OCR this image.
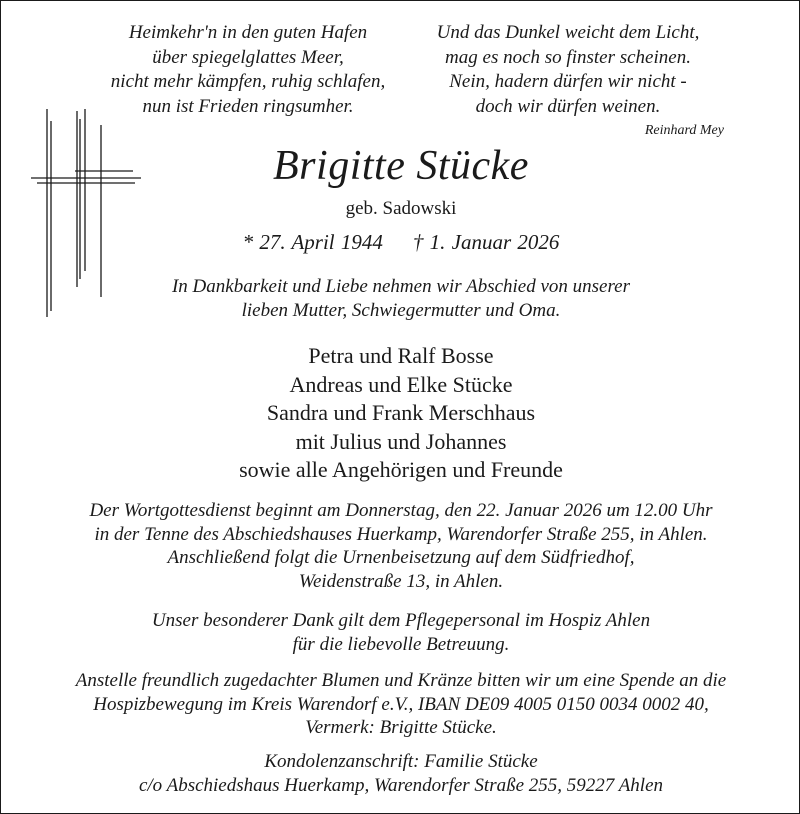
Heimkehr'n in den guten Hafen
über spiegelglattes Meer,
nicht mehr kämpfen, ruhig schlafen,
nun ist Frieden ringsumher.
Und das Dunkel weicht dem Licht,
mag es noch so finster scheinen.
Nein, hadern dürfen wir nicht -
doch wir dürfen weinen.
Reinhard Mey
Brigitte Stücke
geb. Sadowski
* 27. April 1944 † 1. Januar 2026
In Dankbarkeit und Liebe nehmen wir Abschied von unserer
lieben Mutter, Schwiegermutter und Oma.
Petra und Ralf Bosse
Andreas und Elke Stücke
Sandra und Frank Merschhaus
mit Julius und Johannes
sowie alle Angehörigen und Freunde
Der Wortgottesdienst beginnt am Donnerstag, den 22. Januar 2026 um 12.00 Uhr
in der Tenne des Abschiedshauses Huerkamp, Warendorfer Straße 255, in Ahlen.
Anschließend folgt die Urnenbeisetzung auf dem Südfriedhof,
Weidenstraße 13, in Ahlen.
Unser besonderer Dank gilt dem Pflegepersonal im Hospiz Ahlen
für die liebevolle Betreuung.
Anstelle freundlich zugedachter Blumen und Kränze bitten wir um eine Spende an die
Hospizbewegung im Kreis Warendorf e.V., IBAN DE09 4005 0150 0034 0002 40,
Vermerk: Brigitte Stücke.
Kondolenzanschrift: Familie Stücke
c/o Abschiedshaus Huerkamp, Warendorfer Straße 255, 59227 Ahlen
